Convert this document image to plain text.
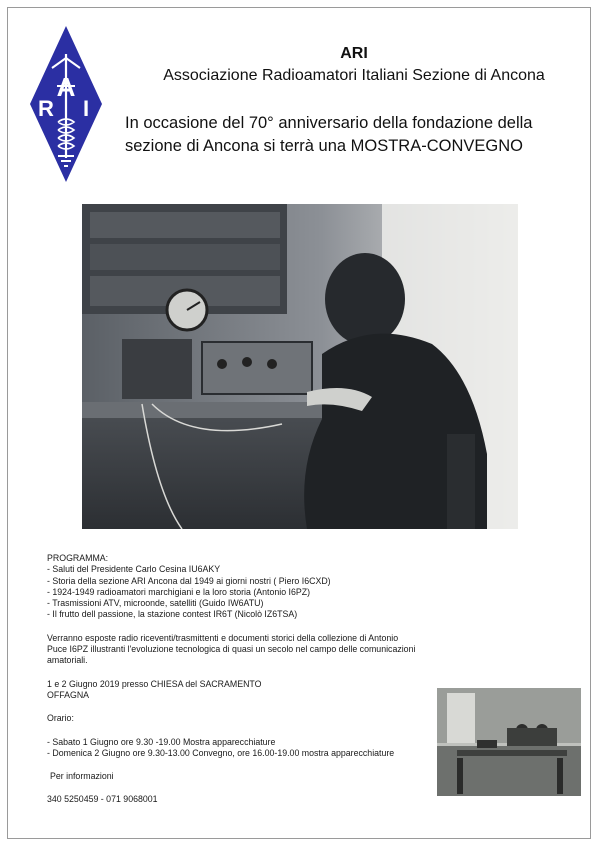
A
R I
ARI
Associazione Radioamatori Italiani Sezione di Ancona
In occasione del 70° anniversario della fondazione della
sezione di Ancona si terrà una MOSTRA-CONVEGNO
PROGRAMMA:
- Saluti del Presidente Carlo Cesina IU6AKY
- Storia della sezione ARI Ancona dal 1949 ai giorni nostri ( Piero I6CXD)
- 1924-1949 radioamatori marchigiani e la loro storia (Antonio I6PZ)
- Trasmissioni ATV, microonde, satelliti (Guido IW6ATU)
- Il frutto dell passione, la stazione contest IR6T (Nicolò IZ6TSA)
Verranno esposte radio riceventi/trasmittenti e documenti storici della collezione di Antonio Puce I6PZ illustranti l'evoluzione tecnologica di quasi un secolo nel campo delle comunicazioni amatoriali.
1 e 2 Giugno 2019 presso CHIESA del SACRAMENTO
OFFAGNA
Orario:
- Sabato 1 Giugno ore 9.30 -19.00 Mostra apparecchiature
- Domenica 2 Giugno ore 9.30-13.00 Convegno, ore 16.00-19.00 mostra apparecchiature
Per informazioni
340 5250459 - 071 9068001
